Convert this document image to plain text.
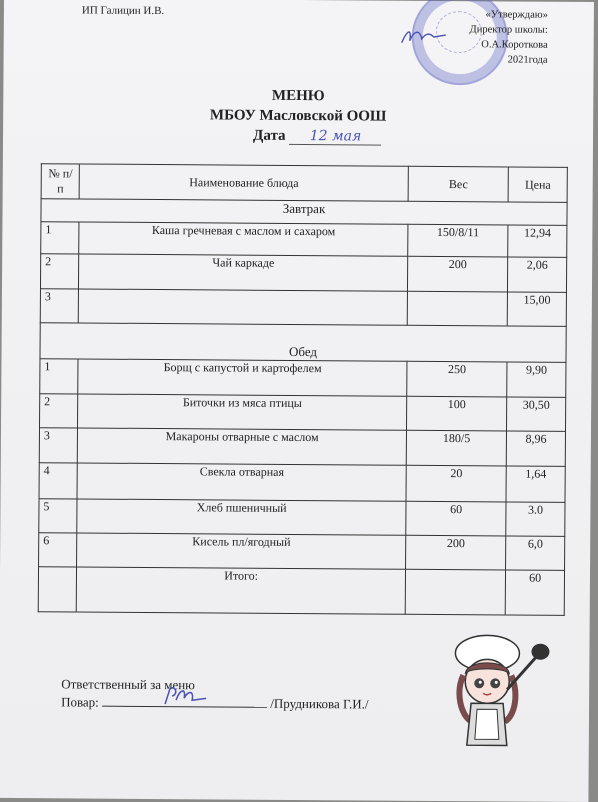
ИП Галицин И.В.	«Утверждаю»
Директор школы:
О.А.Коротк​ова
2021года
МЕНЮ
МБОУ Масловской ООШ
Дата 12 мая
№ п/п	Наименование блюда	Вес	Цена
Завтрак			
1	Каша гречневая с маслом и сахаром	150/8/11	12,94
2	Чай каркаде	200	2,06
3			15,00
Обед			
1	Борщ с капустой и картофелем	250	9,90
2	Биточки из мяса птицы	100	30,50
3	Макароны отварные с маслом	180/5	8,96
4	Свекла отварная	20	1,64
5	Хлеб пшеничный	60	3.0
6	Кисель пл/ягодный	200	6,0
	Итого:		60
Ответственный за меню
Повар:	/Прудникова Г.И./
